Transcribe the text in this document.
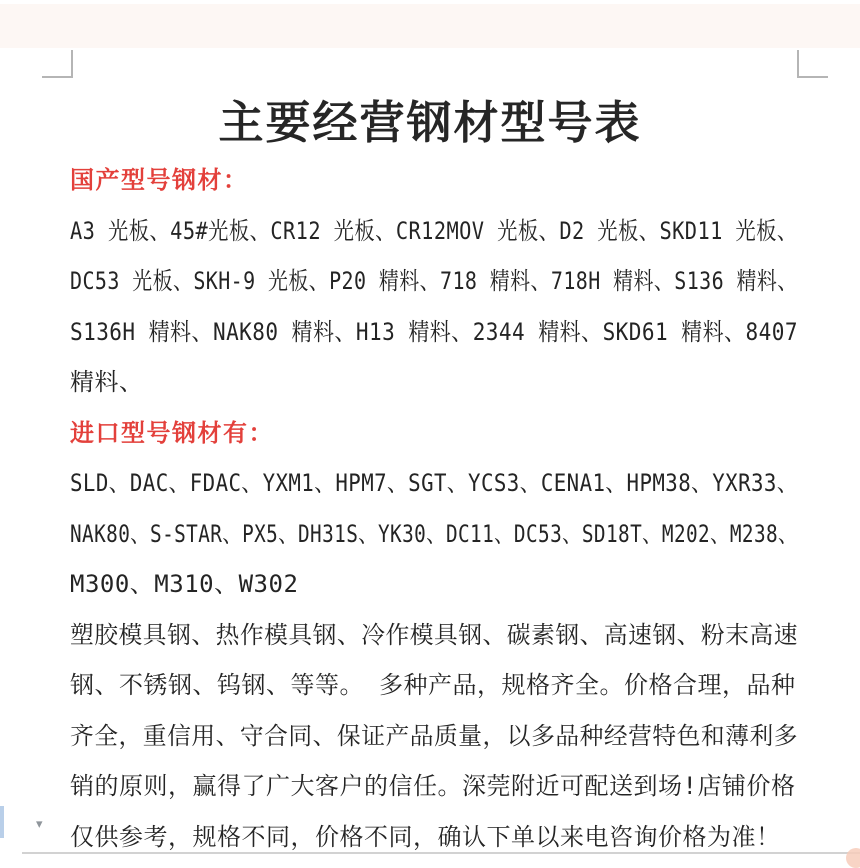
主要经营钢材型号表
国产型号钢材：
A3 光板、45#光板、CR12 光板、CR12MOV 光板、D2 光板、SKD11 光板、
DC53 光板、SKH-9 光板、P20 精料、718 精料、718H 精料、S136 精料、
S136H 精料、NAK80 精料、H13 精料、2344 精料、SKD61 精料、8407
精料、
进口型号钢材有：
SLD、DAC、FDAC、YXM1、HPM7、SGT、YCS3、CENA1、HPM38、YXR33、
NAK80、S-STAR、PX5、DH31S、YK30、DC11、DC53、SD18T、M202、M238、
M300、M310、W302
塑胶模具钢、热作模具钢、冷作模具钢、碳素钢、高速钢、粉末高速
钢、不锈钢、钨钢、等等。 多种产品，规格齐全。价格合理，品种
齐全，重信用、守合同、保证产品质量，以多品种经营特色和薄利多
销的原则，赢得了广大客户的信任。深莞附近可配送到场!店铺价格
仅供参考，规格不同，价格不同，确认下单以来电咨询价格为准！
▾
